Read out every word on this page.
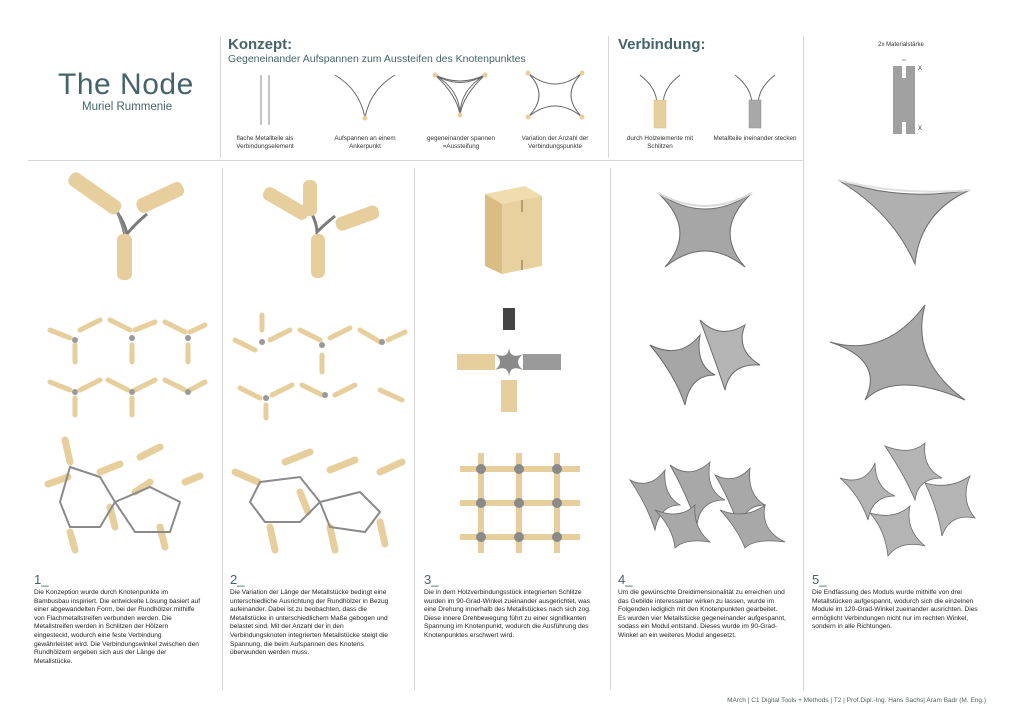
The Node

Muriel Rummenie

Konzept:

Gegeneinander Aufspannen zum Aussteifen des Knotenpunktes

flache Metallteile als Verbindungselement
Aufspannen an einem Ankerpunkt
gegeneinander spannen =Aussteifung
Variation der Anzahl der Verbindungspunkte
Verbindung:
durch Holzelemente mit Schlitzen
Metallteile ineinander stecken
2x Materialstärke
X
X
1_
Die Konzeption wurde durch Knotenpunkte im Bambusbau inspiriert. Die entwickelte Lösung basiert auf einer abgewandelten Form, bei der Rundhölzer mithilfe von Flachmetallstreifen verbunden werden. Die Metallstreifen werden in Schlitzen der Hölzern eingesteckt, wodurch eine feste Verbindung gewährleistet wird. Die Verbindungswinkel zwischen den Rundhölzern ergeben sich aus der Länge der Metallstücke.
2_
Die Variation der Länge der Metallstücke bedingt eine unterschiedliche Ausrichtung der Rundhölzer in Bezug aufeinander. Dabei ist zu beobachten, dass die Metallstücke in unterschiedlichem Maße gebogen und belastet sind. Mit der Anzahl der in den Verbindungsknoten integrierten Metallstücke steigt die Spannung, die beim Aufspannen des Knotens überwunden werden muss.
3_
Die in dem Holzverbindungsstück integrierten Schlitze wurden im 90-Grad-Winkel zueinander ausgerichtet, was eine Drehung innerhalb des Metallstückes nach sich zog. Diese innere Drehbewegung führt zu einer signifikanten Spannung im Knotenpunkt, wodurch die Ausführung des Knotenpunktes erschwert wird.
4_
Um die gewünschte Dreidimensionalität zu erreichen und das Gebilde interessanter wirken zu lassen, wurde im Folgenden lediglich mit den Knotenpunkten gearbeitet. Es wurden vier Metallstücke gegeneinander aufgespannt, sodass ein Modul entstand. Dieses wurde im 90-Grad-Winkel an ein weiteres Modul angesetzt.
5_
Die Endfassung des Moduls wurde mithilfe von drei Metallstücken aufgespannt, wodurch sich die einzelnen Module im 120-Grad-Winkel zueinander ausrichten. Dies ermöglicht Verbindungen nicht nur im rechten Winkel, sondern in alle Richtungen.
MArch | C1 Digital Tools + Methods | T2 | Prof.Dipl.-Ing. Hans Sachs| Aram Badr (M. Eng.)
